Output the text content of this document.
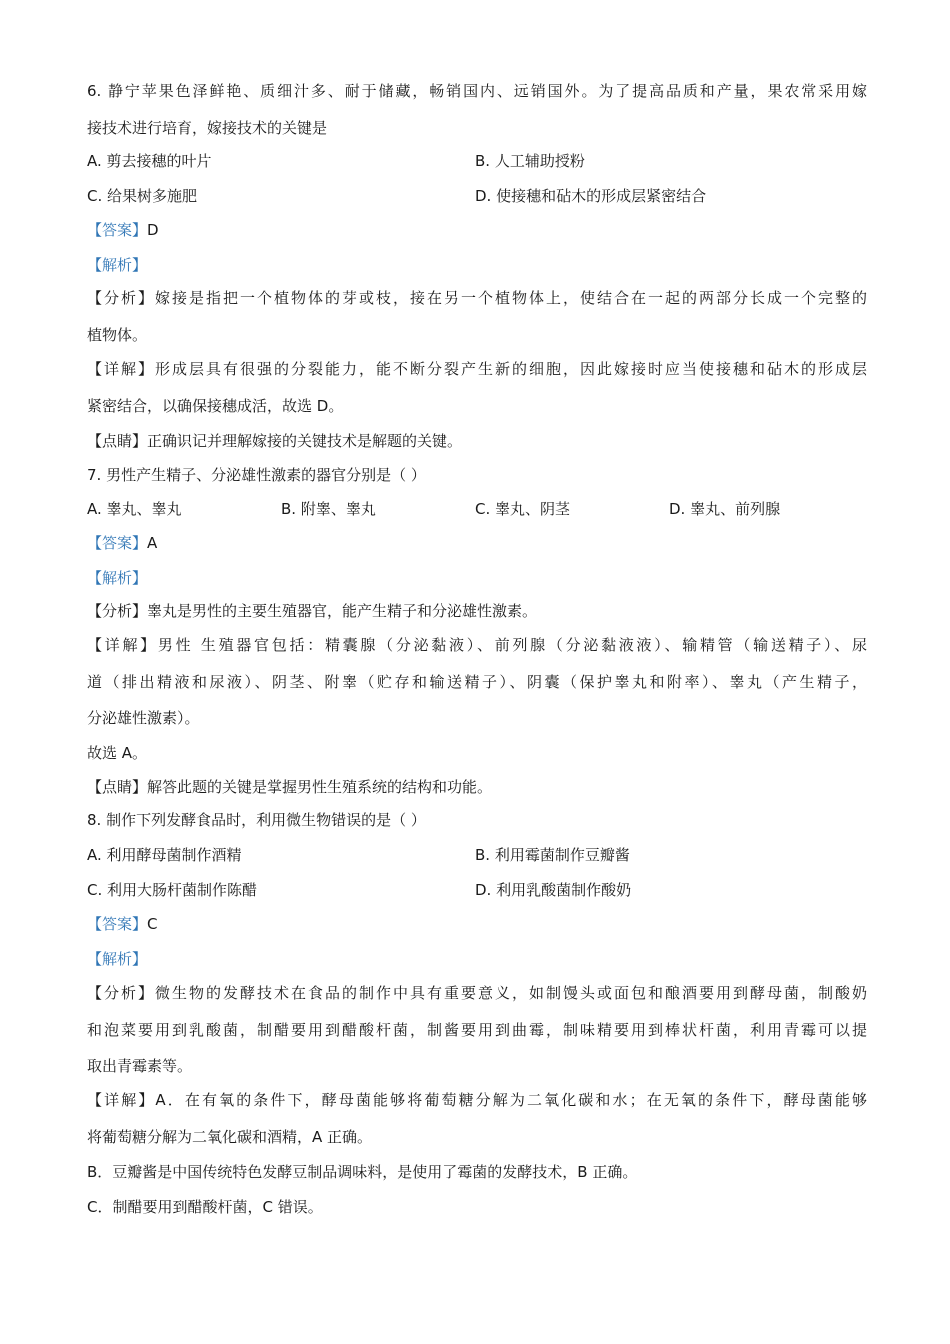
6. 静宁苹果色泽鲜艳、质细汁多、耐于储藏，畅销国内、远销国外。为了提高品质和产量，果农常采用嫁
接技术进行培育，嫁接技术的关键是
A. 剪去接穗的叶片	B. 人工辅助授粉
C. 给果树多施肥	D. 使接穗和砧木的形成层紧密结合
【答案】D
【解析】
【分析】嫁接是指把一个植物体的芽或枝，接在另一个植物体上，使结合在一起的两部分长成一个完整的
植物体。
【详解】形成层具有很强的分裂能力，能不断分裂产生新的细胞，因此嫁接时应当使接穗和砧木的形成层
紧密结合，以确保接穗成活，故选 D。
【点睛】正确识记并理解嫁接的关键技术是解题的关键。
7. 男性产生精子、分泌雄性激素的器官分别是（ ）
A. 睾丸、睾丸	B. 附睾、睾丸	C. 睾丸、阴茎	D. 睾丸、前列腺
【答案】A
【解析】
【分析】睾丸是男性的主要生殖器官，能产生精子和分泌雄性激素。
【详解】男性 生殖器官包括：精囊腺（分泌黏液）、前列腺（分泌黏液液）、输精管（输送精子）、尿
道（排出精液和尿液）、阴茎、附睾（贮存和输送精子）、阴囊（保护睾丸和附率）、睾丸（产生精子，
分泌雄性激素）。
故选 A。
【点睛】解答此题的关键是掌握男性生殖系统的结构和功能。
8. 制作下列发酵食品时，利用微生物错误的是（ ）
A. 利用酵母菌制作酒精	B. 利用霉菌制作豆瓣酱
C. 利用大肠杆菌制作陈醋	D. 利用乳酸菌制作酸奶
【答案】C
【解析】
【分析】微生物的发酵技术在食品的制作中具有重要意义，如制馒头或面包和酿酒要用到酵母菌，制酸奶
和泡菜要用到乳酸菌，制醋要用到醋酸杆菌，制酱要用到曲霉，制味精要用到棒状杆菌，利用青霉可以提
取出青霉素等。
【详解】A．在有氧的条件下，酵母菌能够将葡萄糖分解为二氧化碳和水；在无氧的条件下，酵母菌能够
将葡萄糖分解为二氧化碳和酒精，A 正确。
B．豆瓣酱是中国传统特色发酵豆制品调味料，是使用了霉菌的发酵技术，B 正确。
C．制醋要用到醋酸杆菌，C 错误。
